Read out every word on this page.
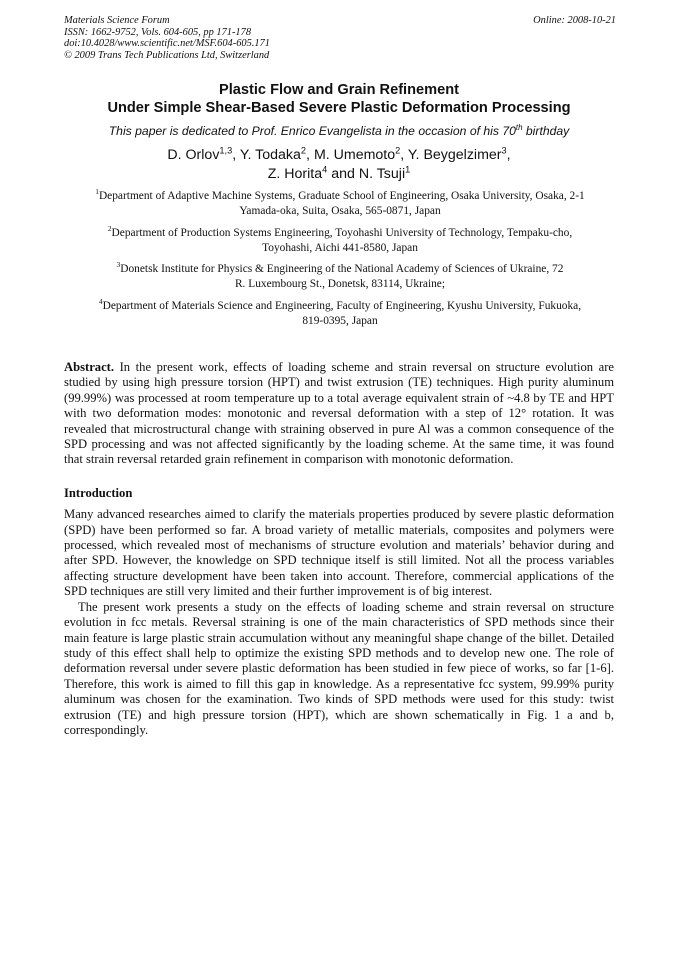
Materials Science Forum
ISSN: 1662-9752, Vols. 604-605, pp 171-178
doi:10.4028/www.scientific.net/MSF.604-605.171
© 2009 Trans Tech Publications Ltd, Switzerland
Online: 2008-10-21
Plastic Flow and Grain Refinement
Under Simple Shear-Based Severe Plastic Deformation Processing
This paper is dedicated to Prof. Enrico Evangelista in the occasion of his 70th birthday
D. Orlov$^{1,3}$, Y. Todaka$^2$, M. Umemoto$^2$, Y. Beygelzimer$^3$,
Z. Horita$^4$ and N. Tsuji$^1$
$^1$Department of Adaptive Machine Systems, Graduate School of Engineering, Osaka University, Osaka, 2-1
Yamada-oka, Suita, Osaka, 565-0871, Japan
$^2$Department of Production Systems Engineering, Toyohashi University of Technology, Tempaku-cho,
Toyohashi, Aichi 441-8580, Japan
$^3$Donetsk Institute for Physics & Engineering of the National Academy of Sciences of Ukraine, 72
R. Luxembourg St., Donetsk, 83114, Ukraine;
$^4$Department of Materials Science and Engineering, Faculty of Engineering, Kyushu University, Fukuoka,
819-0395, Japan

Abstract. In the present work, effects of loading scheme and strain reversal on structure evolution are studied by using high pressure torsion (HPT) and twist extrusion (TE) techniques. High purity aluminum (99.99%) was processed at room temperature up to a total average equivalent strain of ~4.8 by TE and HPT with two deformation modes: monotonic and reversal deformation with a step of 12° rotation. It was revealed that microstructural change with straining observed in pure Al was a common consequence of the SPD processing and was not affected significantly by the loading scheme. At the same time, it was found that strain reversal retarded grain refinement in comparison with monotonic deformation.

Introduction

Many advanced researches aimed to clarify the materials properties produced by severe plastic deformation (SPD) have been performed so far. A broad variety of metallic materials, composites and polymers were processed, which revealed most of mechanisms of structure evolution and materials’ behavior during and after SPD. However, the knowledge on SPD technique itself is still limited. Not all the process variables affecting structure development have been taken into account. Therefore, commercial applications of the SPD techniques are still very limited and their further improvement is of big interest.

The present work presents a study on the effects of loading scheme and strain reversal on structure evolution in fcc metals. Reversal straining is one of the main characteristics of SPD methods since their main feature is large plastic strain accumulation without any meaningful shape change of the billet. Detailed study of this effect shall help to optimize the existing SPD methods and to develop new one. The role of deformation reversal under severe plastic deformation has been studied in few piece of works, so far [1-6]. Therefore, this work is aimed to fill this gap in knowledge. As a representative fcc system, 99.99% purity aluminum was chosen for the examination. Two kinds of SPD methods were used for this study: twist extrusion (TE) and high pressure torsion (HPT), which are shown schematically in Fig. 1 a and b, correspondingly.
